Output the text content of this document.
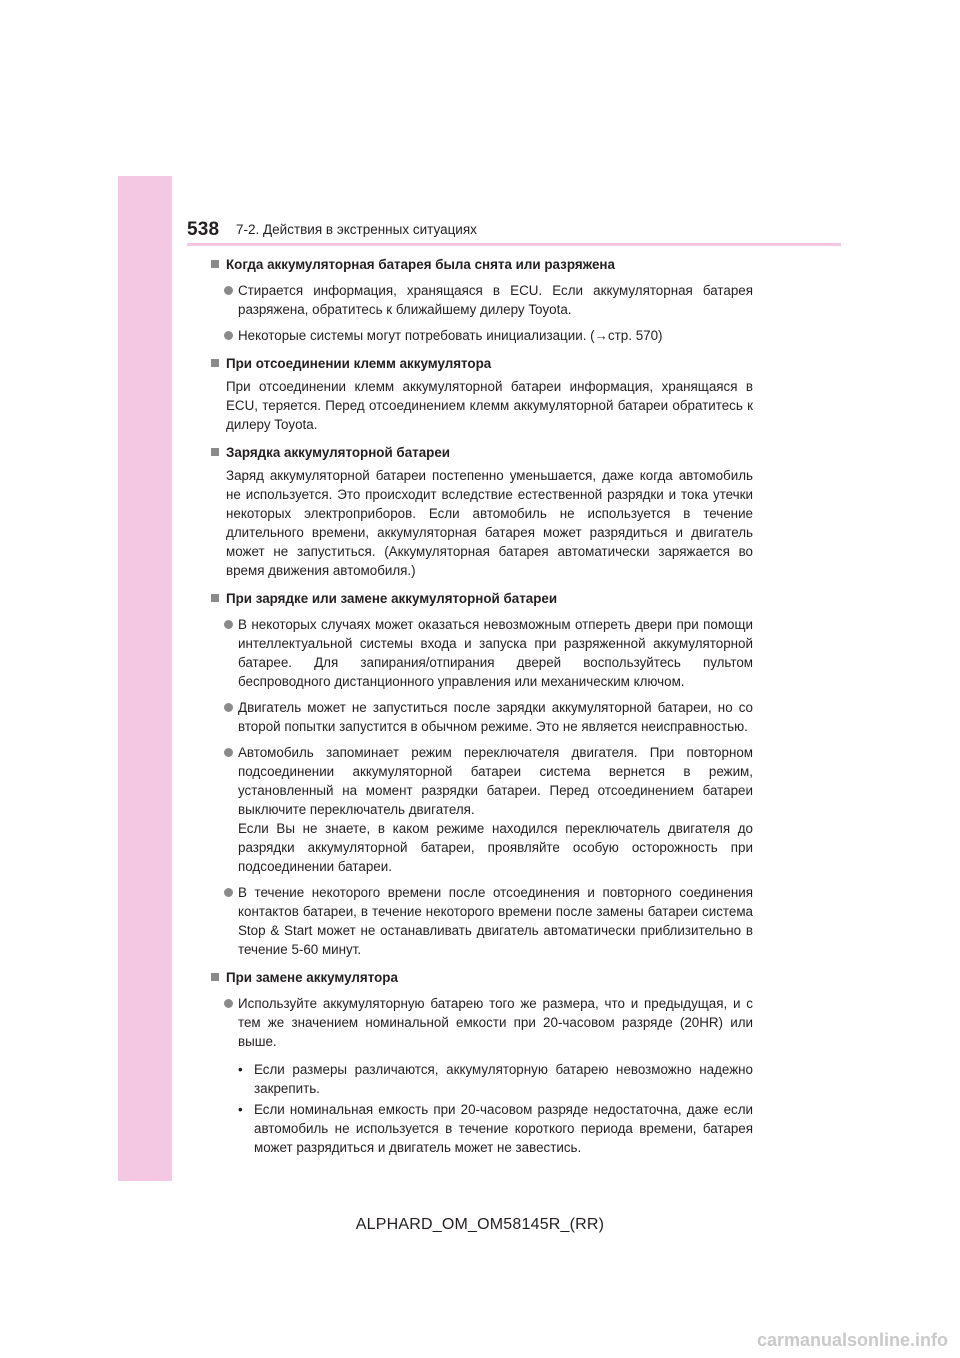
538 7-2. Действия в экстренных ситуациях
Когда аккумуляторная батарея была снята или разряжена
Стирается информация, хранящаяся в ECU. Если аккумуляторная батарея разряжена, обратитесь к ближайшему дилеру Toyota.
Некоторые системы могут потребовать инициализации. (→стр. 570)
При отсоединении клемм аккумулятора
При отсоединении клемм аккумуляторной батареи информация, хранящаяся в ECU, теряется. Перед отсоединением клемм аккумуляторной батареи обратитесь к дилеру Toyota.
Зарядка аккумуляторной батареи
Заряд аккумуляторной батареи постепенно уменьшается, даже когда автомобиль не используется. Это происходит вследствие естественной разрядки и тока утечки некоторых электроприборов. Если автомобиль не используется в течение длительного времени, аккумуляторная батарея может разрядиться и двигатель может не запуститься. (Аккумуляторная батарея автоматически заряжается во время движения автомобиля.)
При зарядке или замене аккумуляторной батареи
В некоторых случаях может оказаться невозможным отпереть двери при помощи интеллектуальной системы входа и запуска при разряженной аккумуляторной батарее. Для запирания/отпирания дверей воспользуйтесь пультом беспроводного дистанционного управления или механическим ключом.
Двигатель может не запуститься после зарядки аккумуляторной батареи, но со второй попытки запустится в обычном режиме. Это не является неисправностью.
Автомобиль запоминает режим переключателя двигателя. При повторном подсоединении аккумуляторной батареи система вернется в режим, установленный на момент разрядки батареи. Перед отсоединением батареи выключите переключатель двигателя.
Если Вы не знаете, в каком режиме находился переключатель двигателя до разрядки аккумуляторной батареи, проявляйте особую осторожность при подсоединении батареи.
В течение некоторого времени после отсоединения и повторного соединения контактов батареи, в течение некоторого времени после замены батареи система Stop & Start может не останавливать двигатель автоматически приблизительно в течение 5-60 минут.
При замене аккумулятора
Используйте аккумуляторную батарею того же размера, что и предыдущая, и с тем же значением номинальной емкости при 20-часовом разряде (20HR) или выше.
• Если размеры различаются, аккумуляторную батарею невозможно надежно закрепить.
• Если номинальная емкость при 20-часовом разряде недостаточна, даже если автомобиль не используется в течение короткого периода времени, батарея может разрядиться и двигатель может не завестись.
ALPHARD_OM_OM58145R_(RR)
carmanualsonline.info
